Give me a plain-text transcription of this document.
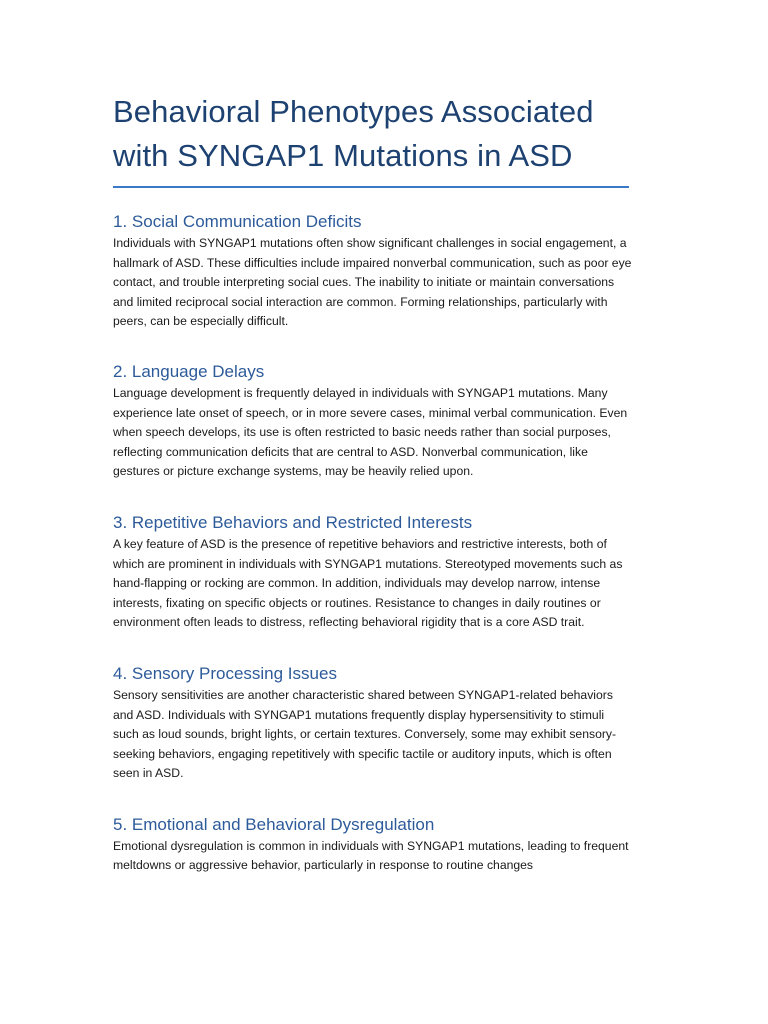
Behavioral Phenotypes Associated with SYNGAP1 Mutations in ASD
1. Social Communication Deficits

Individuals with SYNGAP1 mutations often show significant challenges in social engagement, a hallmark of ASD. These difficulties include impaired nonverbal communication, such as poor eye contact, and trouble interpreting social cues. The inability to initiate or maintain conversations and limited reciprocal social interaction are common. Forming relationships, particularly with peers, can be especially difficult.

2. Language Delays

Language development is frequently delayed in individuals with SYNGAP1 mutations. Many experience late onset of speech, or in more severe cases, minimal verbal communication. Even when speech develops, its use is often restricted to basic needs rather than social purposes, reflecting communication deficits that are central to ASD. Nonverbal communication, like gestures or picture exchange systems, may be heavily relied upon.

3. Repetitive Behaviors and Restricted Interests

A key feature of ASD is the presence of repetitive behaviors and restrictive interests, both of which are prominent in individuals with SYNGAP1 mutations. Stereotyped movements such as hand-flapping or rocking are common. In addition, individuals may develop narrow, intense interests, fixating on specific objects or routines. Resistance to changes in daily routines or environment often leads to distress, reflecting behavioral rigidity that is a core ASD trait.

4. Sensory Processing Issues

Sensory sensitivities are another characteristic shared between SYNGAP1-related behaviors and ASD. Individuals with SYNGAP1 mutations frequently display hypersensitivity to stimuli such as loud sounds, bright lights, or certain textures. Conversely, some may exhibit sensory-seeking behaviors, engaging repetitively with specific tactile or auditory inputs, which is often seen in ASD.

5. Emotional and Behavioral Dysregulation

Emotional dysregulation is common in individuals with SYNGAP1 mutations, leading to frequent meltdowns or aggressive behavior, particularly in response to routine changes
